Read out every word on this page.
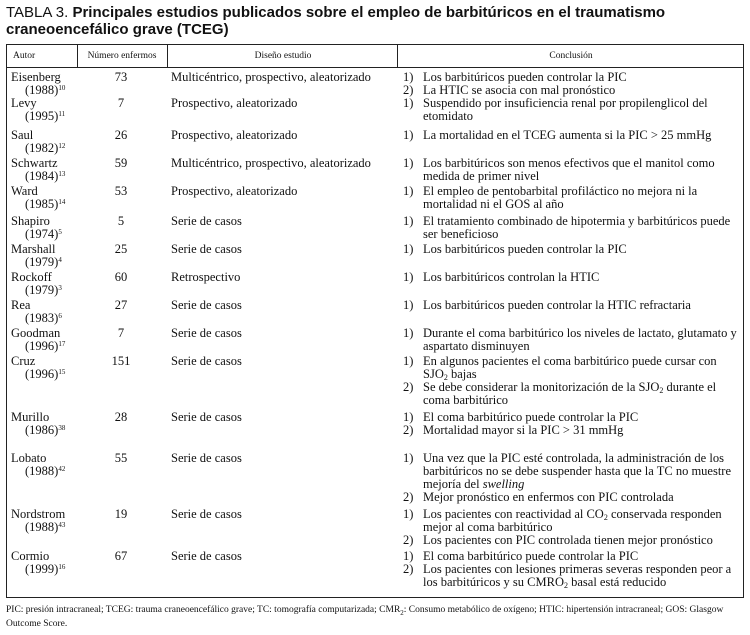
TABLA 3. Principales estudios publicados sobre el empleo de barbitúricos en el traumatismo craneoencefálico grave (TCEG)
Autor	Número enfermos	Diseño estudio	Conclusión
Eisenberg
$(1988)^{10}$
73	Multicéntrico, prospectivo, aleatorizado	1) Los barbitúricos pueden controlar la PIC
2) La HTIC se asocia con mal pronóstico
Levy
$(1995)^{11}$
7	Prospectivo, aleatorizado	1) Suspendido por insuficiencia renal por propilenglicol del etomidato
Saul
$(1982)^{12}$
26	Prospectivo, aleatorizado	1) La mortalidad en el TCEG aumenta si la PIC > 25 mmHg
Schwartz
$(1984)^{13}$
59	Multicéntrico, prospectivo, aleatorizado	1) Los barbitúricos son menos efectivos que el manitol como medida de primer nivel
Ward
$(1985)^{14}$
53	Prospectivo, aleatorizado	1) El empleo de pentobarbital profiláctico no mejora ni la mortalidad ni el GOS al año
Shapiro
$(1974)^5$
5	Serie de casos	1) El tratamiento combinado de hipotermia y barbitúricos puede ser beneficioso
Marshall
$(1979)^4$
25	Serie de casos	1) Los barbitúricos pueden controlar la PIC
Rockoff
$(1979)^3$
60	Retrospectivo	1) Los barbitúricos controlan la HTIC
Rea
$(1983)^6$
27	Serie de casos	1) Los barbitúricos pueden controlar la HTIC refractaria
Goodman
$(1996)^{17}$
7	Serie de casos	1) Durante el coma barbitúrico los niveles de lactato, glutamato y aspartato disminuyen
Cruz
$(1996)^{15}$
151	Serie de casos	1) En algunos pacientes el coma barbitúrico puede cursar con $SJO_2$ bajas
2) Se debe considerar la monitorización de la $SJO_2$ durante el coma barbitúrico
Murillo
$(1986)^{38}$
28	Serie de casos	1) El coma barbitúrico puede controlar la PIC
2) Mortalidad mayor si la PIC > 31 mmHg
Lobato
$(1988)^{42}$
55	Serie de casos	1) Una vez que la PIC esté controlada, la administración de los barbitúricos no se debe suspender hasta que la TC no muestre mejoría del swelling
2) Mejor pronóstico en enfermos con PIC controlada
Nordstrom
$(1988)^{43}$
19	Serie de casos	1) Los pacientes con reactividad al $CO_2$ conservada responden mejor al coma barbitúrico
2) Los pacientes con PIC controlada tienen mejor pronóstico
Cormio
$(1999)^{16}$
67	Serie de casos	1) El coma barbitúrico puede controlar la PIC
2) Los pacientes con lesiones primeras severas responden peor a los barbitúricos y su $CMRO_2$ basal está reducido
PIC: presión intracraneal; TCEG: trauma craneoencefálico grave; TC: tomografía computarizada; $CMR_2$: Consumo metabólico de oxígeno; HTIC: hipertensión intracraneal; GOS: Glasgow Outcome Score.
